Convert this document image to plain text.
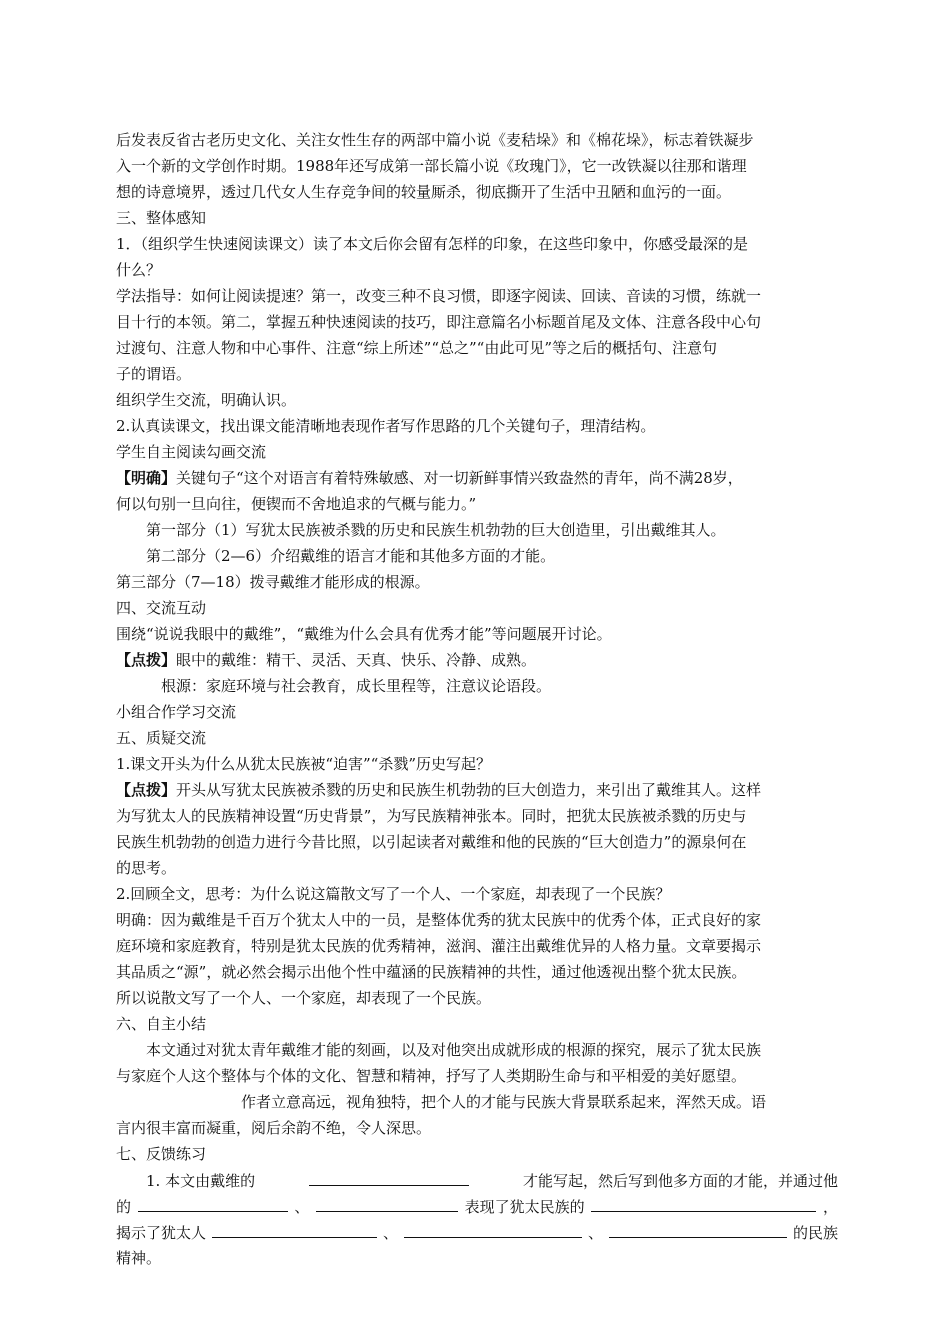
后发表反省古老历史文化、关注女性生存的两部中篇小说《麦秸垛》和《棉花垛》，标志着铁凝步
入一个新的文学创作时期。1988年还写成第一部长篇小说《玫瑰门》，它一改铁凝以往那和谐理
想的诗意境界，透过几代女人生存竞争间的较量厮杀，彻底撕开了生活中丑陋和血污的一面。
三、整体感知
1．（组织学生快速阅读课文）读了本文后你会留有怎样的印象，在这些印象中，你感受最深的是
什么？
学法指导：如何让阅读提速？第一，改变三种不良习惯，即逐字阅读、回读、音读的习惯，练就一
目十行的本领。第二，掌握五种快速阅读的技巧，即注意篇名小标题首尾及文体、注意各段中心句
过渡句、注意人物和中心事件、注意“综上所述”“总之”“由此可见”等之后的概括句、注意句
子的谓语。
组织学生交流，明确认识。
2.认真读课文，找出课文能清晰地表现作者写作思路的几个关键句子，理清结构。
学生自主阅读勾画交流
【明确】关键句子“这个对语言有着特殊敏感、对一切新鲜事情兴致盎然的青年，尚不满28岁，
何以句别一旦向往，便锲而不舍地追求的气概与能力。”
第一部分（1）写犹太民族被杀戮的历史和民族生机勃勃的巨大创造里，引出戴维其人。
第二部分（2—6）介绍戴维的语言才能和其他多方面的才能。
第三部分（7—18）拨寻戴维才能形成的根源。
四、交流互动
围绕“说说我眼中的戴维”，“戴维为什么会具有优秀才能”等问题展开讨论。
【点拨】眼中的戴维：精干、灵活、天真、快乐、冷静、成熟。
根源：家庭环境与社会教育，成长里程等，注意议论语段。
小组合作学习交流
五、质疑交流
1.课文开头为什么从犹太民族被“迫害”“杀戮”历史写起？
【点拨】开头从写犹太民族被杀戮的历史和民族生机勃勃的巨大创造力，来引出了戴维其人。这样
为写犹太人的民族精神设置“历史背景”，为写民族精神张本。同时，把犹太民族被杀戮的历史与
民族生机勃勃的创造力进行今昔比照，以引起读者对戴维和他的民族的“巨大创造力”的源泉何在
的思考。
2.回顾全文，思考：为什么说这篇散文写了一个人、一个家庭，却表现了一个民族？
明确：因为戴维是千百万个犹太人中的一员，是整体优秀的犹太民族中的优秀个体，正式良好的家
庭环境和家庭教育，特别是犹太民族的优秀精神，滋润、灌注出戴维优异的人格力量。文章要揭示
其品质之“源”，就必然会揭示出他个性中蕴涵的民族精神的共性，通过他透视出整个犹太民族。
所以说散文写了一个人、一个家庭，却表现了一个民族。
六、自主小结
本文通过对犹太青年戴维才能的刻画，以及对他突出成就形成的根源的探究，展示了犹太民族
与家庭个人这个整体与个体的文化、智慧和精神，抒写了人类期盼生命与和平相爱的美好愿望。
作者立意高远，视角独特，把个人的才能与民族大背景联系起来，浑然天成。语
言内很丰富而凝重，阅后余韵不绝，令人深思。
七、反馈练习
1. 本文由戴维的	才能写起，然后写到他多方面的才能，并通过他
的	、	表现了犹太民族的	，
揭示了犹太人	、	、	的民族
精神。
